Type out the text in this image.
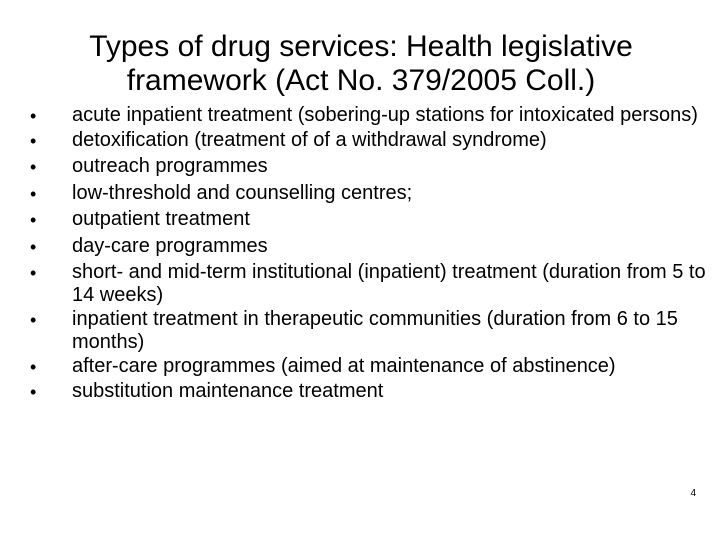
Types of drug services: Health legislative framework (Act No. 379/2005 Coll.)
• acute inpatient treatment (sobering-up stations for intoxicated persons)
• detoxification (treatment of of a withdrawal syndrome)
• outreach programmes
• low-threshold and counselling centres;
• outpatient treatment
• day-care programmes
• short- and mid-term institutional (inpatient) treatment (duration from 5 to 14 weeks)
• inpatient treatment in therapeutic communities (duration from 6 to 15 months)
• after-care programmes (aimed at maintenance of abstinence)
• substitution maintenance treatment
4
